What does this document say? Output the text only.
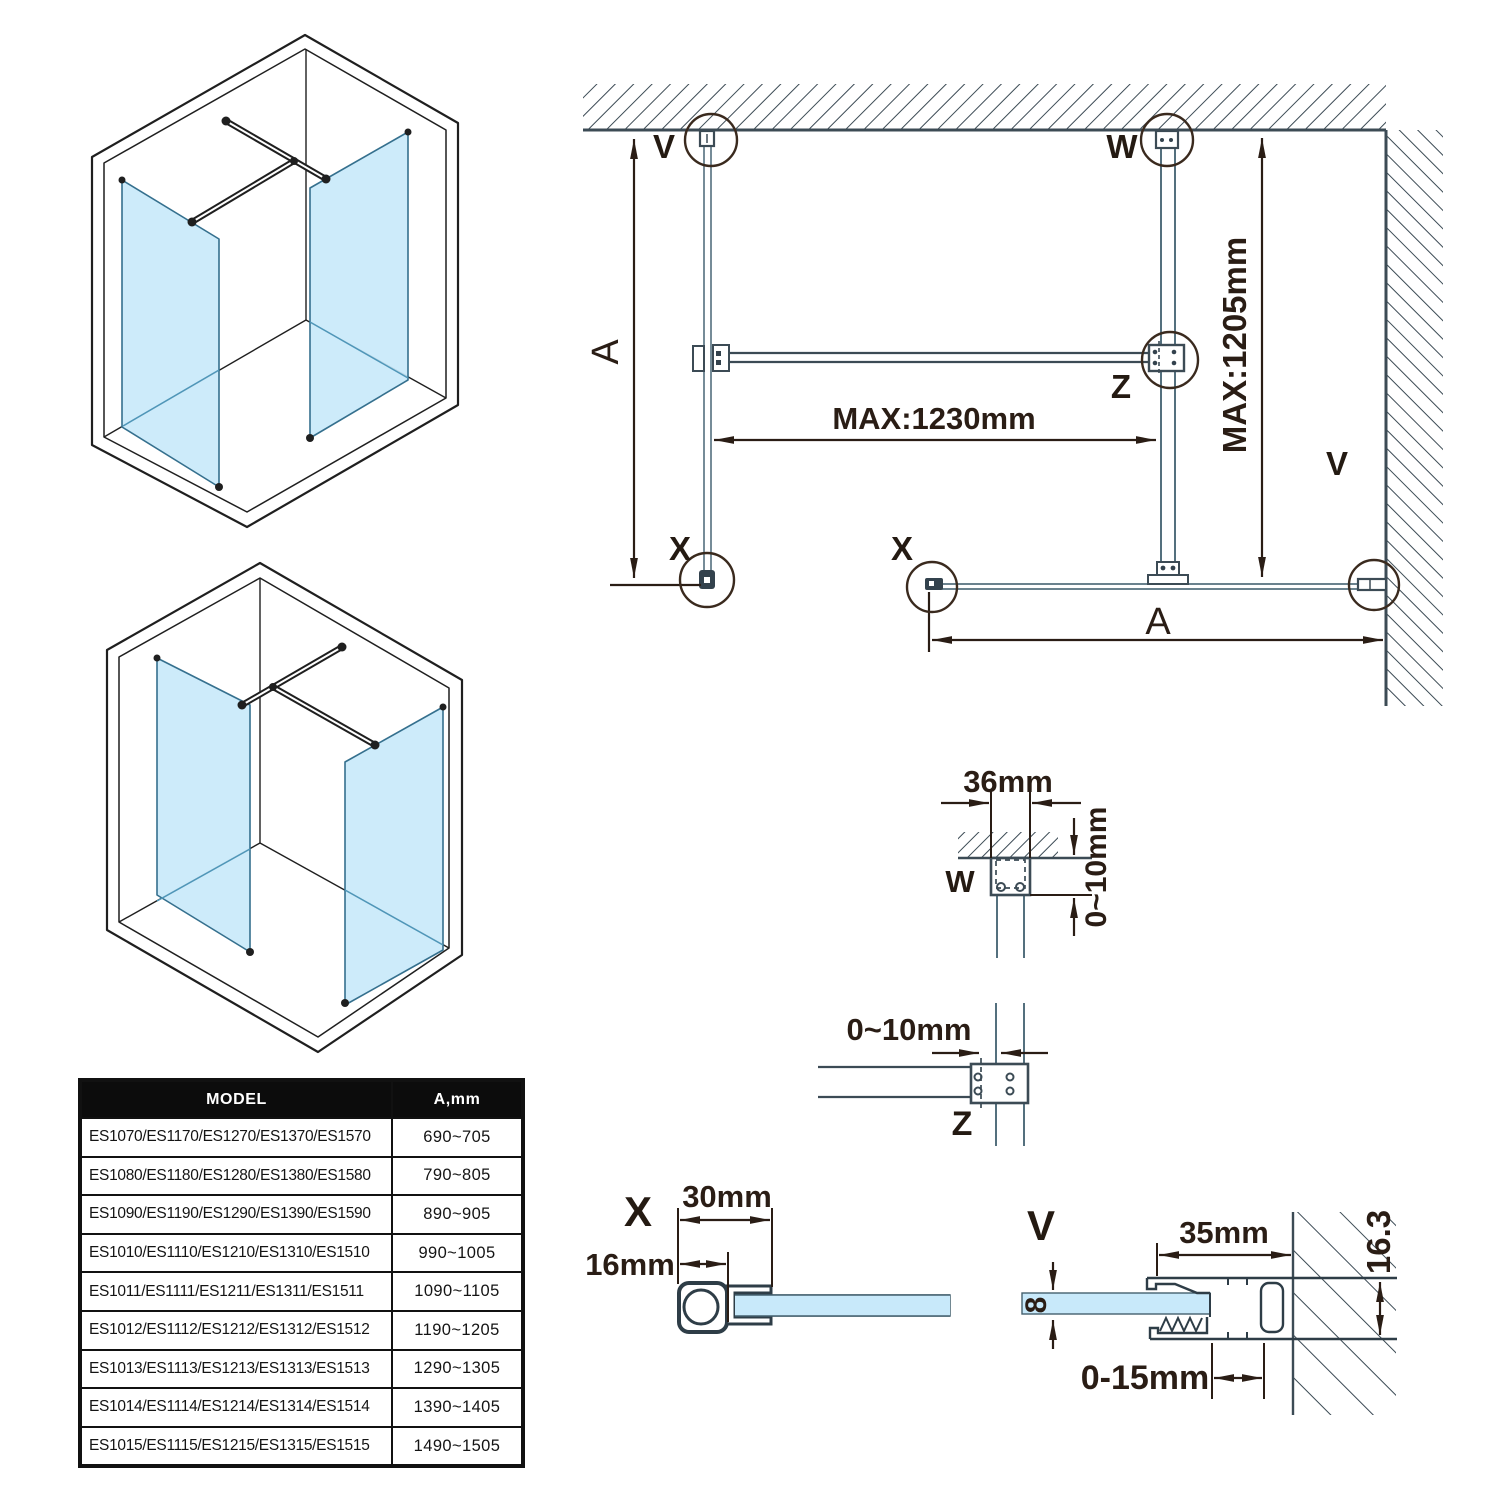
A
MAX:1230mm	MAX:1205mm
A
V	W
Z
X	X
V
36mm
0~10mm
W
0~10mm
Z
30mm
16mm
X	35mm
8
16.3
0-15mm
V
MODEL	A,mm
ES1070/ES1170/ES1270/ES1370/ES1570	690~705
ES1080/ES1180/ES1280/ES1380/ES1580	790~805
ES1090/ES1190/ES1290/ES1390/ES1590	890~905
ES1010/ES1110/ES1210/ES1310/ES1510	990~1005
ES1011/ES1111/ES1211/ES1311/ES1511	1090~1105
ES1012/ES1112/ES1212/ES1312/ES1512	1190~1205
ES1013/ES1113/ES1213/ES1313/ES1513	1290~1305
ES1014/ES1114/ES1214/ES1314/ES1514	1390~1405
ES1015/ES1115/ES1215/ES1315/ES1515	1490~1505
